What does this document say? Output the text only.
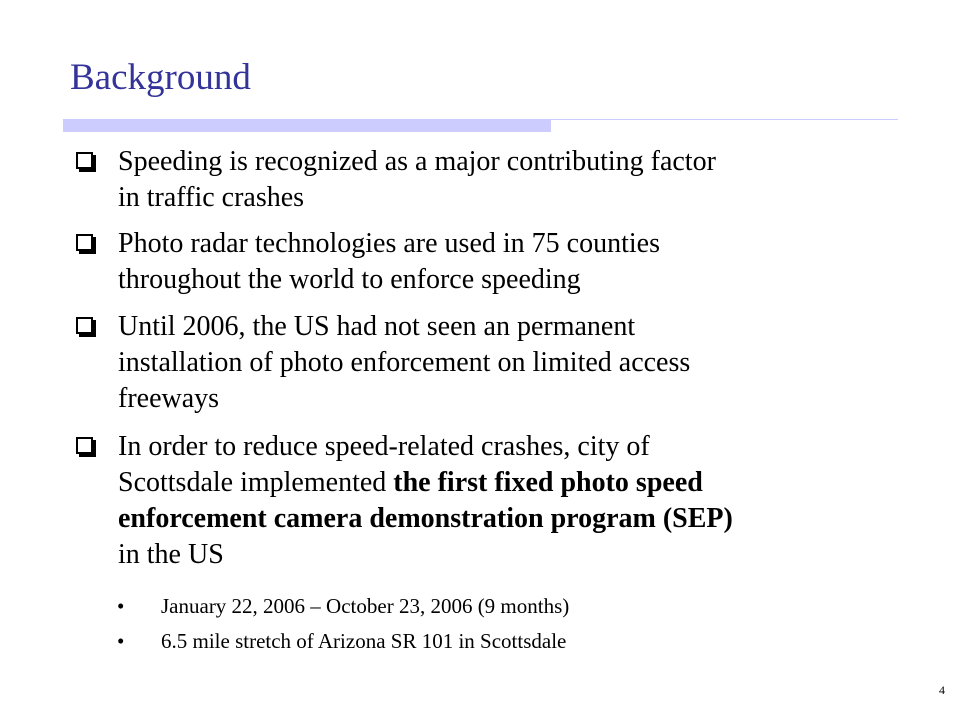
Background
Speeding is recognized as a major contributing factor
in traffic crashes
Photo radar technologies are used in 75 counties
throughout the world to enforce speeding
Until 2006, the US had not seen an permanent
installation of photo enforcement on limited access
freeways
In order to reduce speed-related crashes, city of
Scottsdale implemented the first fixed photo speed
enforcement camera demonstration program (SEP)
in the US
• January 22, 2006 – October 23, 2006 (9 months)
• 6.5 mile stretch of Arizona SR 101 in Scottsdale
4
